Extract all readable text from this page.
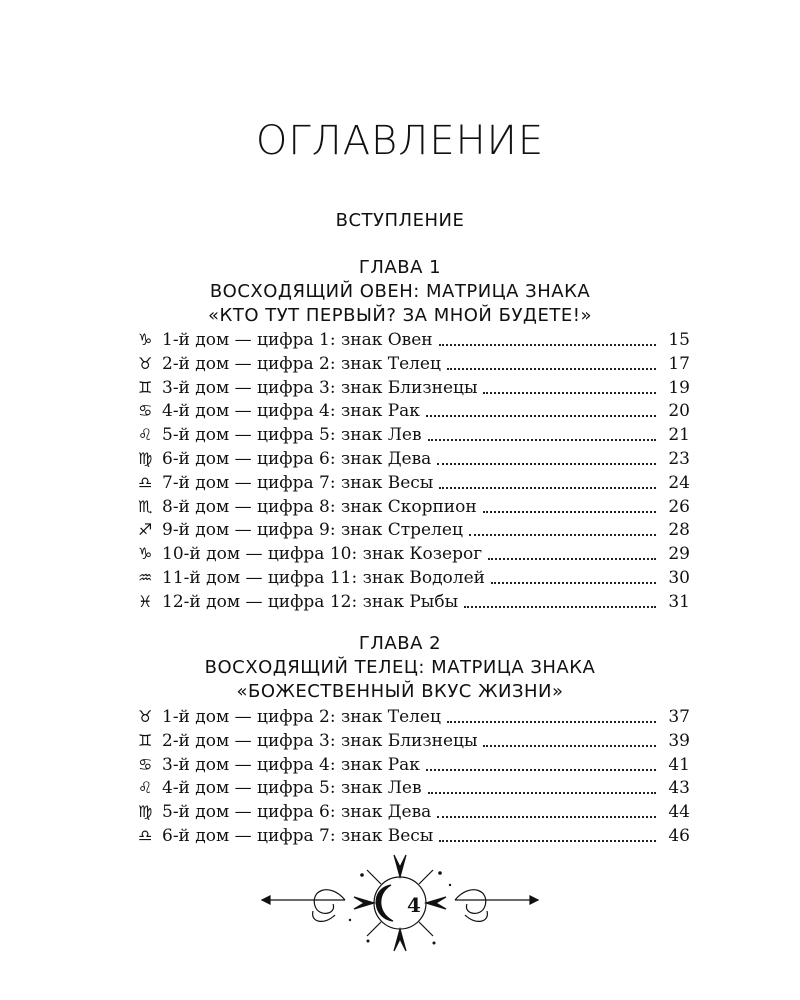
ОГЛАВЛЕНИЕ
ВСТУПЛЕНИЕ
ГЛАВА 1
ВОСХОДЯЩИЙ ОВЕН: МАТРИЦА ЗНАКА
«КТО ТУТ ПЕРВЫЙ? ЗА МНОЙ БУДЕТЕ!»
♑ 1-й дом — цифра 1: знак Овен	15
♉ 2-й дом — цифра 2: знак Телец	17
♊ 3-й дом — цифра 3: знак Близнецы	19
♋ 4-й дом — цифра 4: знак Рак	20
♌ 5-й дом — цифра 5: знак Лев	21
♍ 6-й дом — цифра 6: знак Дева	23
♎ 7-й дом — цифра 7: знак Весы	24
♏ 8-й дом — цифра 8: знак Скорпион	26
♐ 9-й дом — цифра 9: знак Стрелец	28
♑ 10-й дом — цифра 10: знак Козерог	29
♒ 11-й дом — цифра 11: знак Водолей	30
♓ 12-й дом — цифра 12: знак Рыбы	31
ГЛАВА 2
ВОСХОДЯЩИЙ ТЕЛЕЦ: МАТРИЦА ЗНАКА
«БОЖЕСТВЕННЫЙ ВКУС ЖИЗНИ»
♉ 1-й дом — цифра 2: знак Телец	37
♊ 2-й дом — цифра 3: знак Близнецы	39
♋ 3-й дом — цифра 4: знак Рак	41
♌ 4-й дом — цифра 5: знак Лев	43
♍ 5-й дом — цифра 6: знак Дева	44
♎ 6-й дом — цифра 7: знак Весы	46
4
